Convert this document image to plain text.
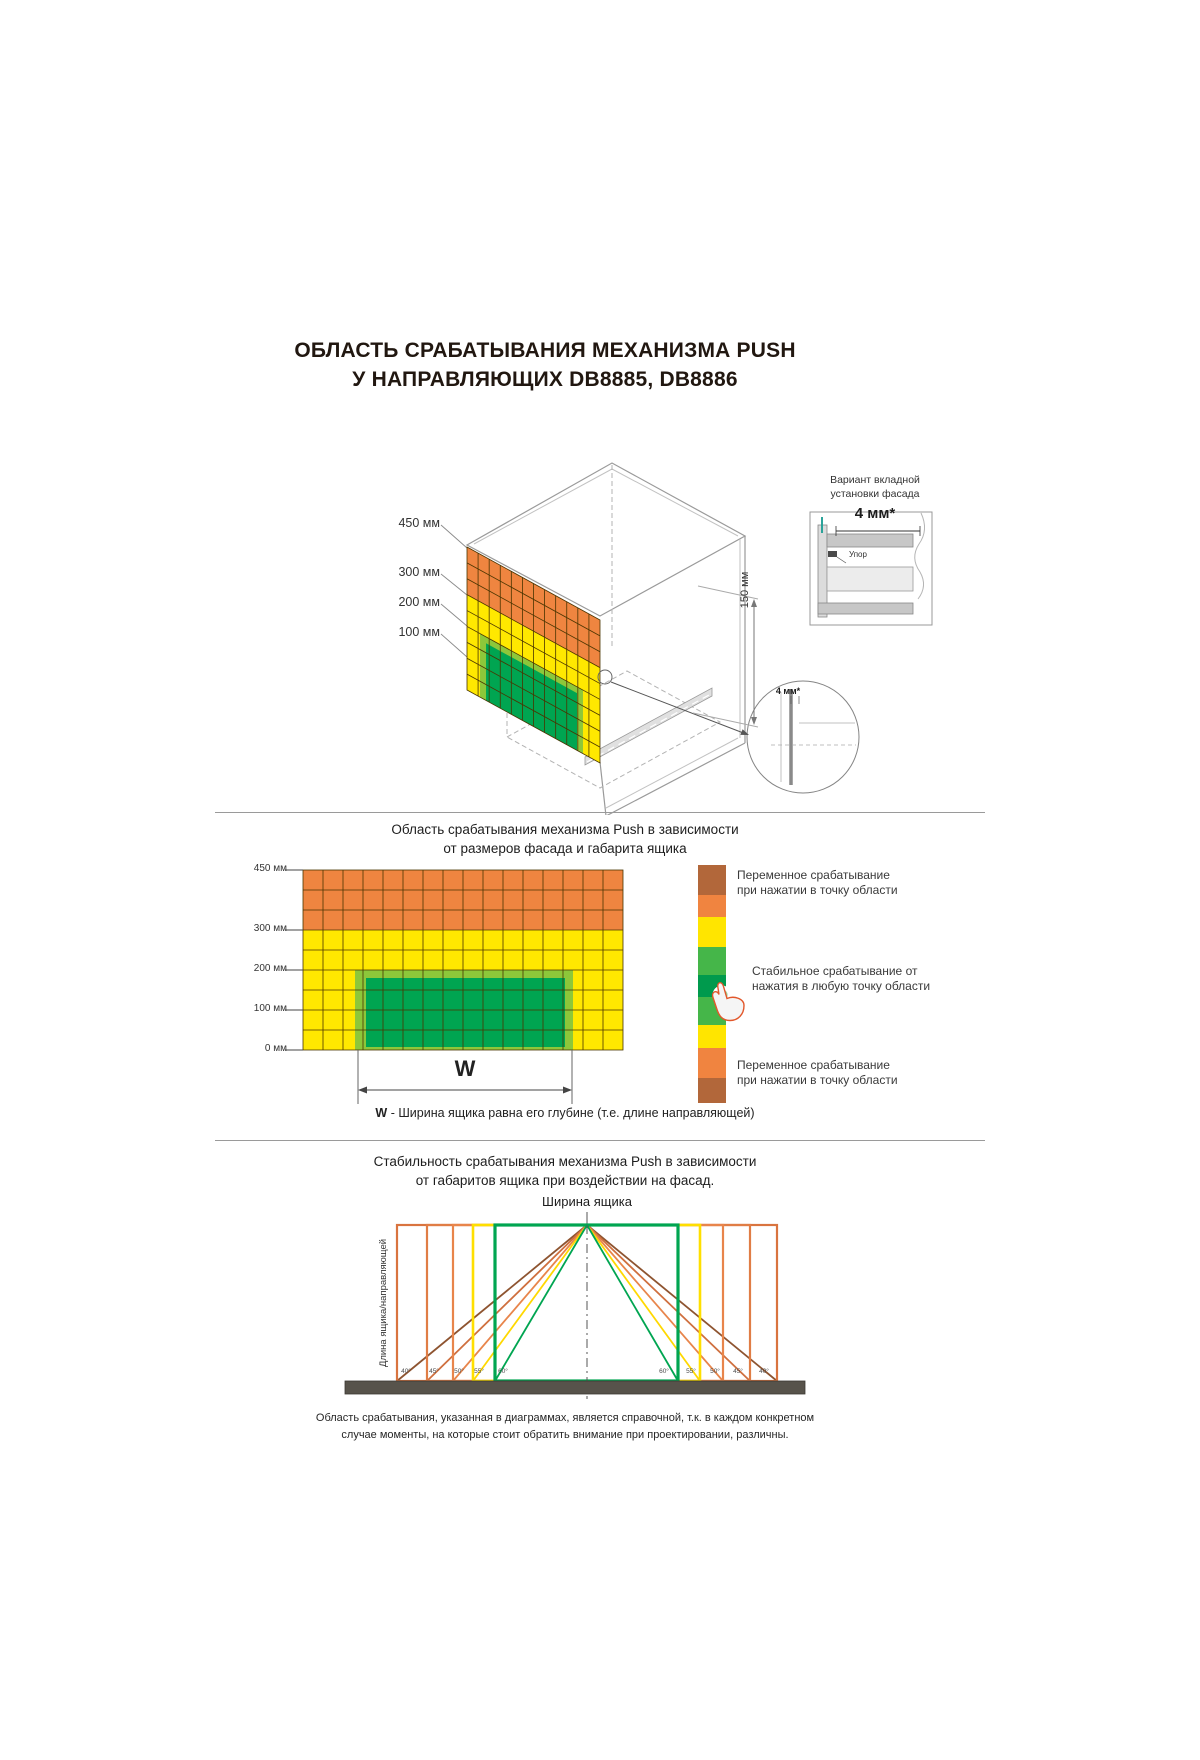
ОБЛАСТЬ СРАБАТЫВАНИЯ МЕХАНИЗМА PUSH
У НАПРАВЛЯЮЩИХ DB8885, DB8886
450 мм
300 мм
200 мм
100 мм
150 мм
4 мм*
Вариант вкладной
установки фасада
4 мм*
Упор
Область срабатывания механизма Push в зависимости
от размеров фасада и габарита ящика
450 мм
300 мм
200 мм
100 мм
0 мм
W
W - Ширина ящика равна его глубине (т.е. длине направляющей)
Переменное срабатывание
при нажатии в точку области
Стабильное срабатывание от
нажатия в любую точку области
Переменное срабатывание
при нажатии в точку области
Стабильность срабатывания механизма Push в зависимости
от габаритов ящика при воздействии на фасад.
Ширина ящика
Длина ящика/направляющей
40°	45°	50°	55°	60°	60°	55°	50°	45°	40°
Область срабатывания, указанная в диаграммах, является справочной, т.к. в каждом конкретном
случае моменты, на которые стоит обратить внимание при проектировании, различны.
